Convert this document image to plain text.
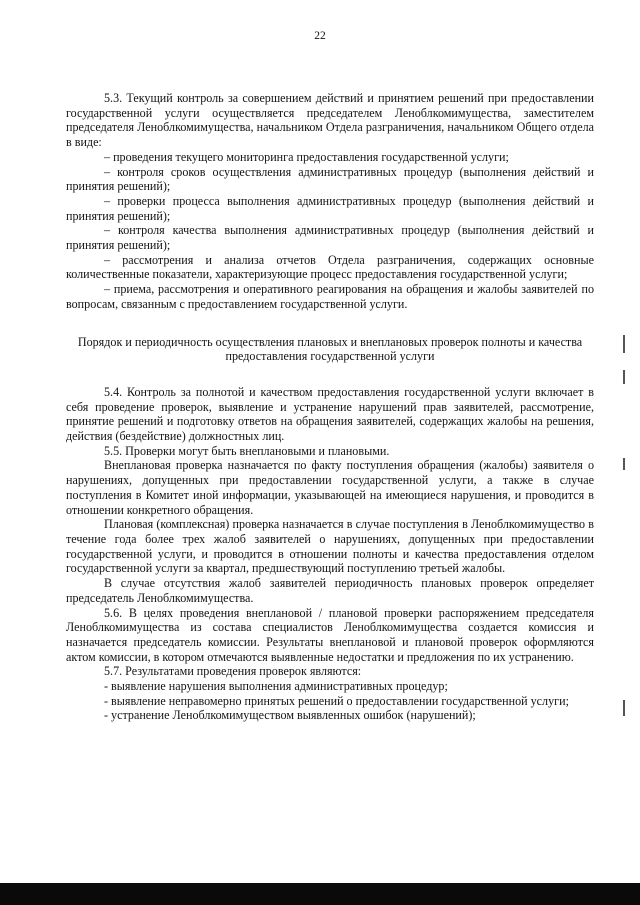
22

5.3. Текущий контроль за совершением действий и принятием решений при предоставлении государственной услуги осуществляется председателем Леноблкомимущества, заместителем председателя Леноблкомимущества, начальником Отдела разграничения, начальником Общего отдела в виде:

– проведения текущего мониторинга предоставления государственной услуги;

– контроля сроков осуществления административных процедур (выполнения действий и принятия решений);

– проверки процесса выполнения административных процедур (выполнения действий и принятия решений);

– контроля качества выполнения административных процедур (выполнения действий и принятия решений);

– рассмотрения и анализа отчетов Отдела разграничения, содержащих основные количественные показатели, характеризующие процесс предоставления государственной услуги;

– приема, рассмотрения и оперативного реагирования на обращения и жалобы заявителей по вопросам, связанным с предоставлением государственной услуги.

Порядок и периодичность осуществления плановых и внеплановых проверок полноты и качества предоставления государственной услуги

5.4. Контроль за полнотой и качеством предоставления государственной услуги включает в себя проведение проверок, выявление и устранение нарушений прав заявителей, рассмотрение, принятие решений и подготовку ответов на обращения заявителей, содержащих жалобы на решения, действия (бездействие) должностных лиц.

5.5. Проверки могут быть внеплановыми и плановыми.

Внеплановая проверка назначается по факту поступления обращения (жалобы) заявителя о нарушениях, допущенных при предоставлении государственной услуги, а также в случае поступления в Комитет иной информации, указывающей на имеющиеся нарушения, и проводится в отношении конкретного обращения.

Плановая (комплексная) проверка назначается в случае поступления в Леноблкомимущество в течение года более трех жалоб заявителей о нарушениях, допущенных при предоставлении государственной услуги, и проводится в отношении полноты и качества предоставления отделом государственной услуги за квартал, предшествующий поступлению третьей жалобы.

В случае отсутствия жалоб заявителей периодичность плановых проверок определяет председатель Леноблкомимущества.

5.6. В целях проведения внеплановой / плановой проверки распоряжением председателя Леноблкомимущества из состава специалистов Леноблкомимущества создается комиссия и назначается председатель комиссии. Результаты внеплановой и плановой проверок оформляются актом комиссии, в котором отмечаются выявленные недостатки и предложения по их устранению.

5.7. Результатами проведения проверок являются:

- выявление нарушения выполнения административных процедур;

- выявление неправомерно принятых решений о предоставлении государственной услуги;

- устранение Леноблкомимуществом выявленных ошибок (нарушений);
